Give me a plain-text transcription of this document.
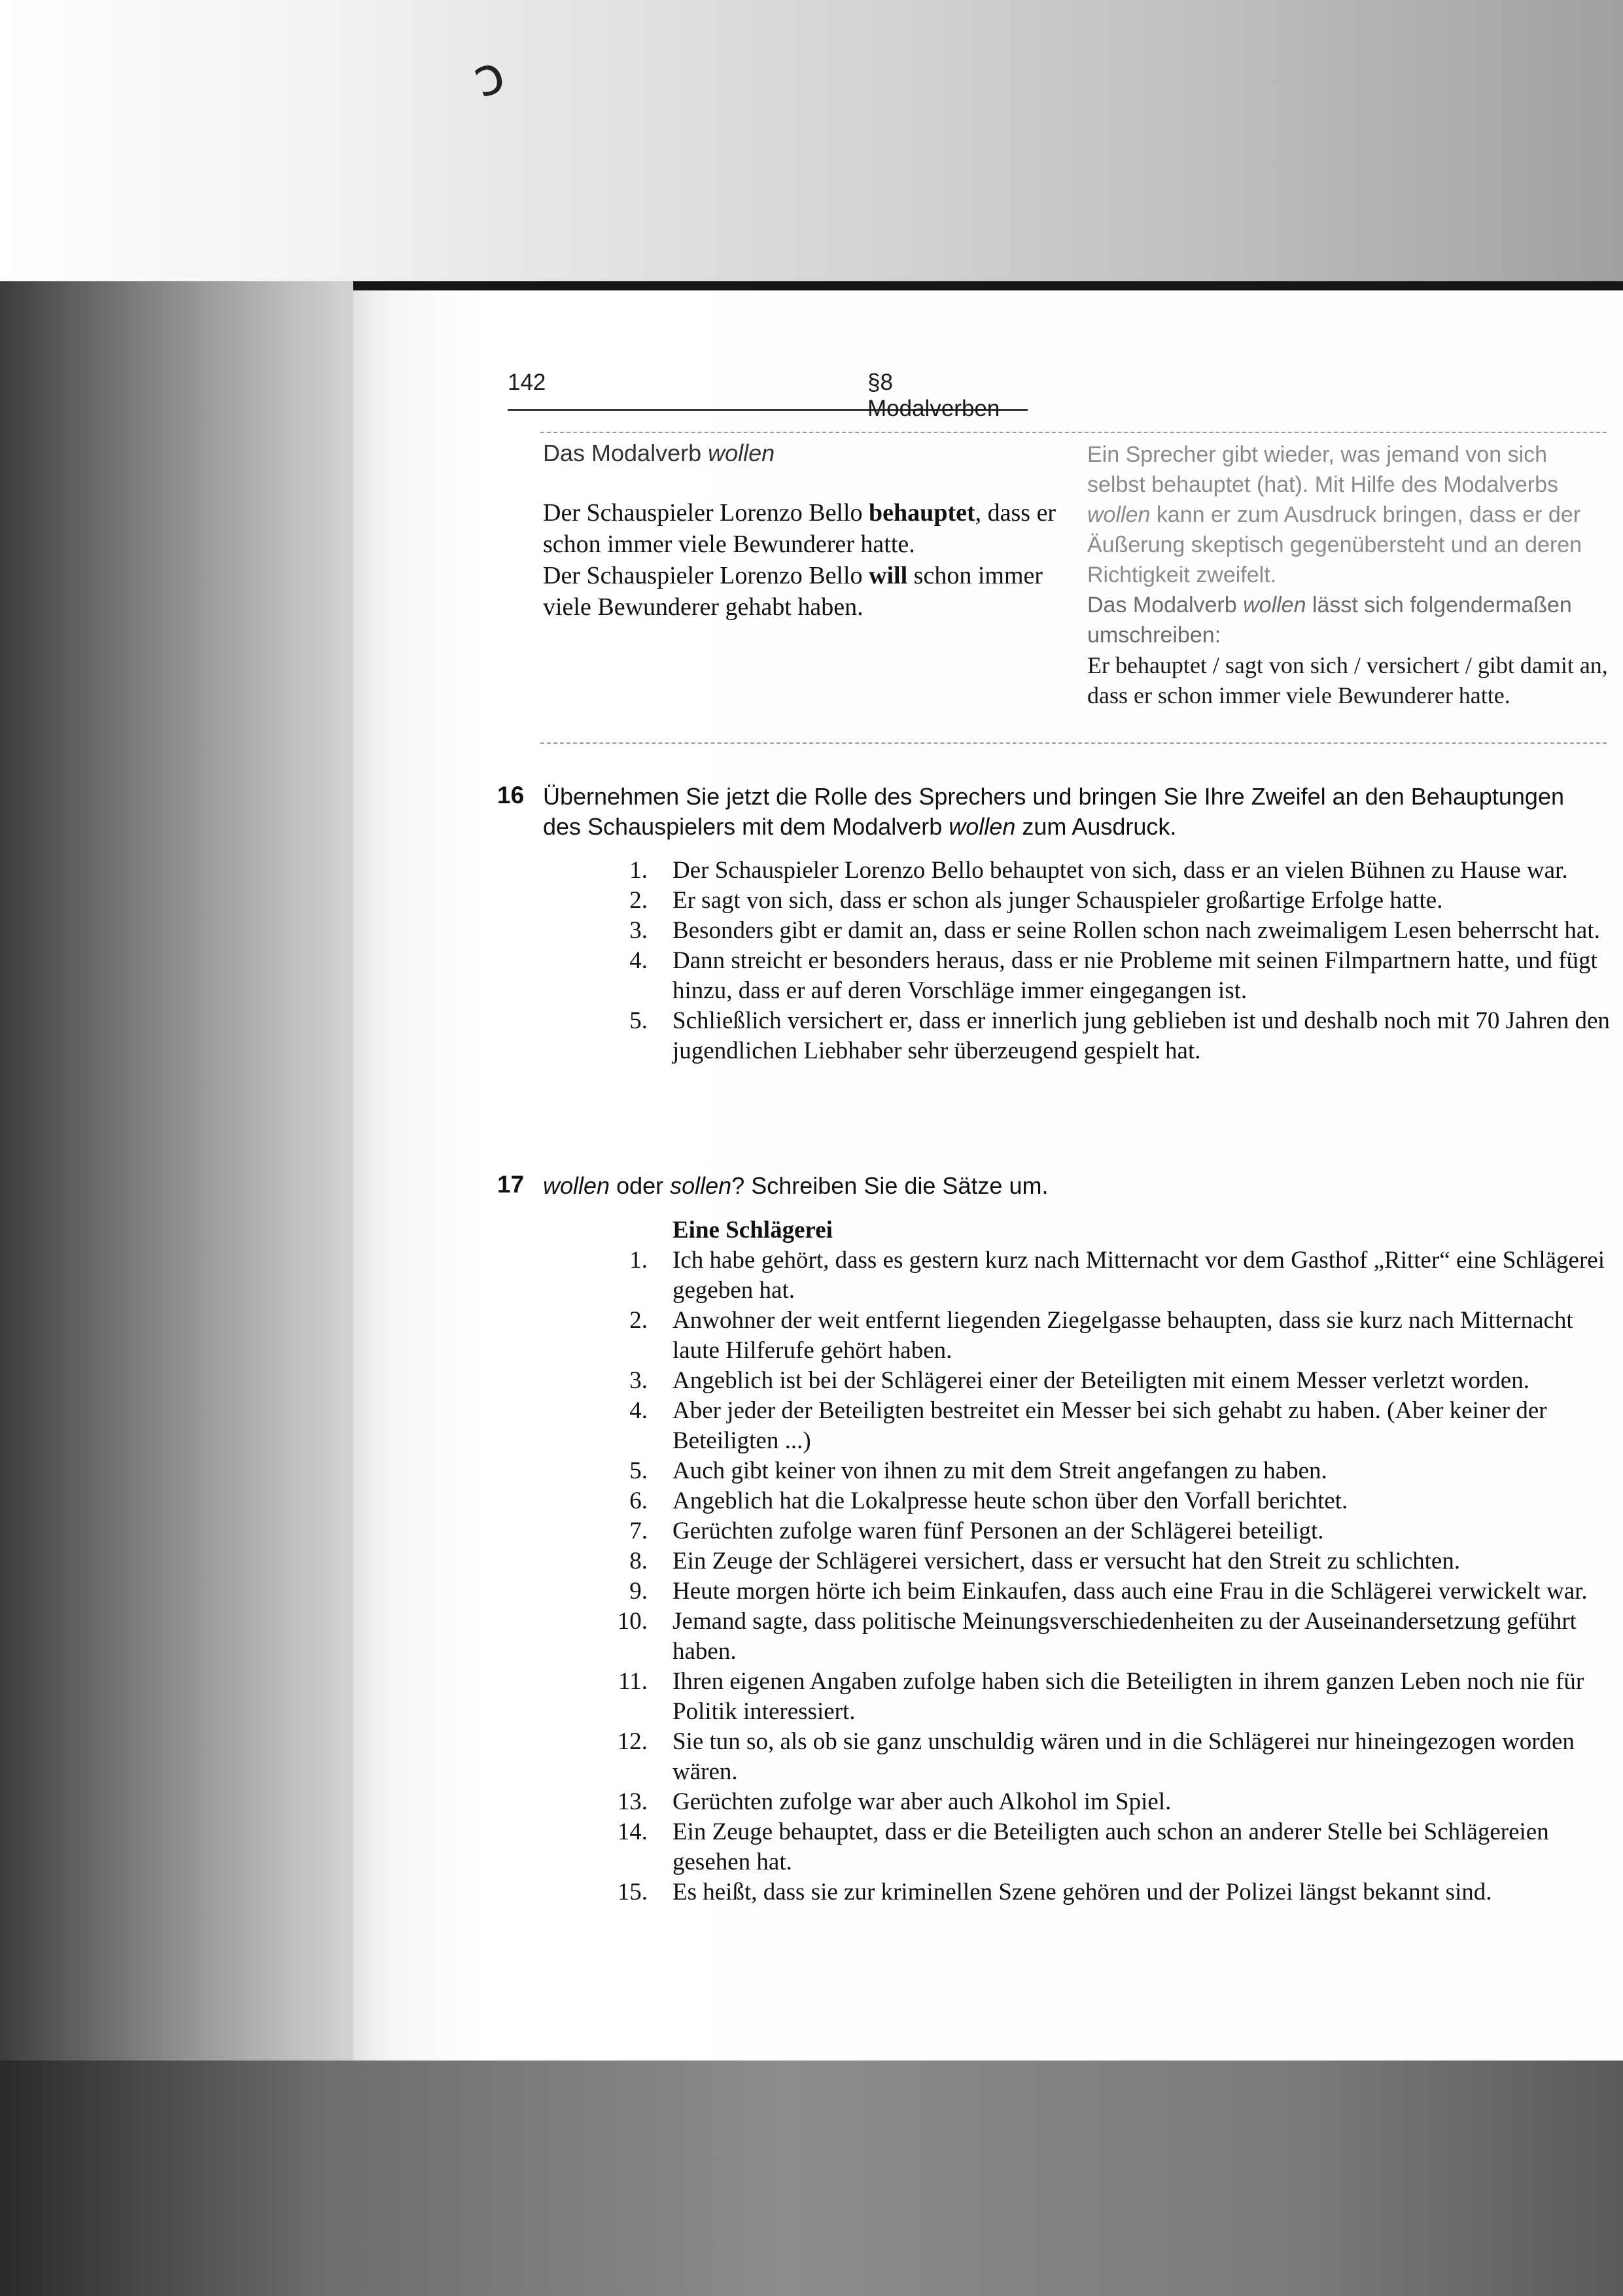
ↄ
142	§8 Modalverben
Das Modalverb wollen
Der Schauspieler Lorenzo Bello behauptet, dass er schon immer viele Bewunderer hatte.
Der Schauspieler Lorenzo Bello will schon immer viele Bewunderer gehabt haben.
Ein Sprecher gibt wieder, was jemand von sich selbst behauptet (hat). Mit Hilfe des Modalverbs wollen kann er zum Ausdruck bringen, dass er der Äußerung skeptisch gegenübersteht und an deren Richtigkeit zweifelt.
Das Modalverb wollen lässt sich folgendermaßen umschreiben:
Er behauptet / sagt von sich / versichert / gibt damit an, dass er schon immer viele Bewunderer hatte.
16 Übernehmen Sie jetzt die Rolle des Sprechers und bringen Sie Ihre Zweifel an den Behauptungen des Schauspielers mit dem Modalverb wollen zum Ausdruck.
1. Der Schauspieler Lorenzo Bello behauptet von sich, dass er an vielen Bühnen zu Hause war.
2. Er sagt von sich, dass er schon als junger Schauspieler großartige Erfolge hatte.
3. Besonders gibt er damit an, dass er seine Rollen schon nach zweimaligem Lesen beherrscht hat.
4. Dann streicht er besonders heraus, dass er nie Probleme mit seinen Filmpartnern hatte, und fügt hinzu, dass er auf deren Vorschläge immer eingegangen ist.
5. Schließlich versichert er, dass er innerlich jung geblieben ist und deshalb noch mit 70 Jahren den jugendlichen Liebhaber sehr überzeugend gespielt hat.
17 wollen oder sollen? Schreiben Sie die Sätze um.
Eine Schlägerei
1. Ich habe gehört, dass es gestern kurz nach Mitternacht vor dem Gasthof „Ritter“ eine Schlägerei gegeben hat.
2. Anwohner der weit entfernt liegenden Ziegelgasse behaupten, dass sie kurz nach Mitternacht laute Hilferufe gehört haben.
3. Angeblich ist bei der Schlägerei einer der Beteiligten mit einem Messer verletzt worden.
4. Aber jeder der Beteiligten bestreitet ein Messer bei sich gehabt zu haben. (Aber keiner der Beteiligten ...)
5. Auch gibt keiner von ihnen zu mit dem Streit angefangen zu haben.
6. Angeblich hat die Lokalpresse heute schon über den Vorfall berichtet.
7. Gerüchten zufolge waren fünf Personen an der Schlägerei beteiligt.
8. Ein Zeuge der Schlägerei versichert, dass er versucht hat den Streit zu schlichten.
9. Heute morgen hörte ich beim Einkaufen, dass auch eine Frau in die Schlägerei verwickelt war.
10. Jemand sagte, dass politische Meinungsverschiedenheiten zu der Auseinandersetzung geführt haben.
11. Ihren eigenen Angaben zufolge haben sich die Beteiligten in ihrem ganzen Leben noch nie für Politik interessiert.
12. Sie tun so, als ob sie ganz unschuldig wären und in die Schlägerei nur hineingezogen worden wären.
13. Gerüchten zufolge war aber auch Alkohol im Spiel.
14. Ein Zeuge behauptet, dass er die Beteiligten auch schon an anderer Stelle bei Schlägereien gesehen hat.
15. Es heißt, dass sie zur kriminellen Szene gehören und der Polizei längst bekannt sind.
